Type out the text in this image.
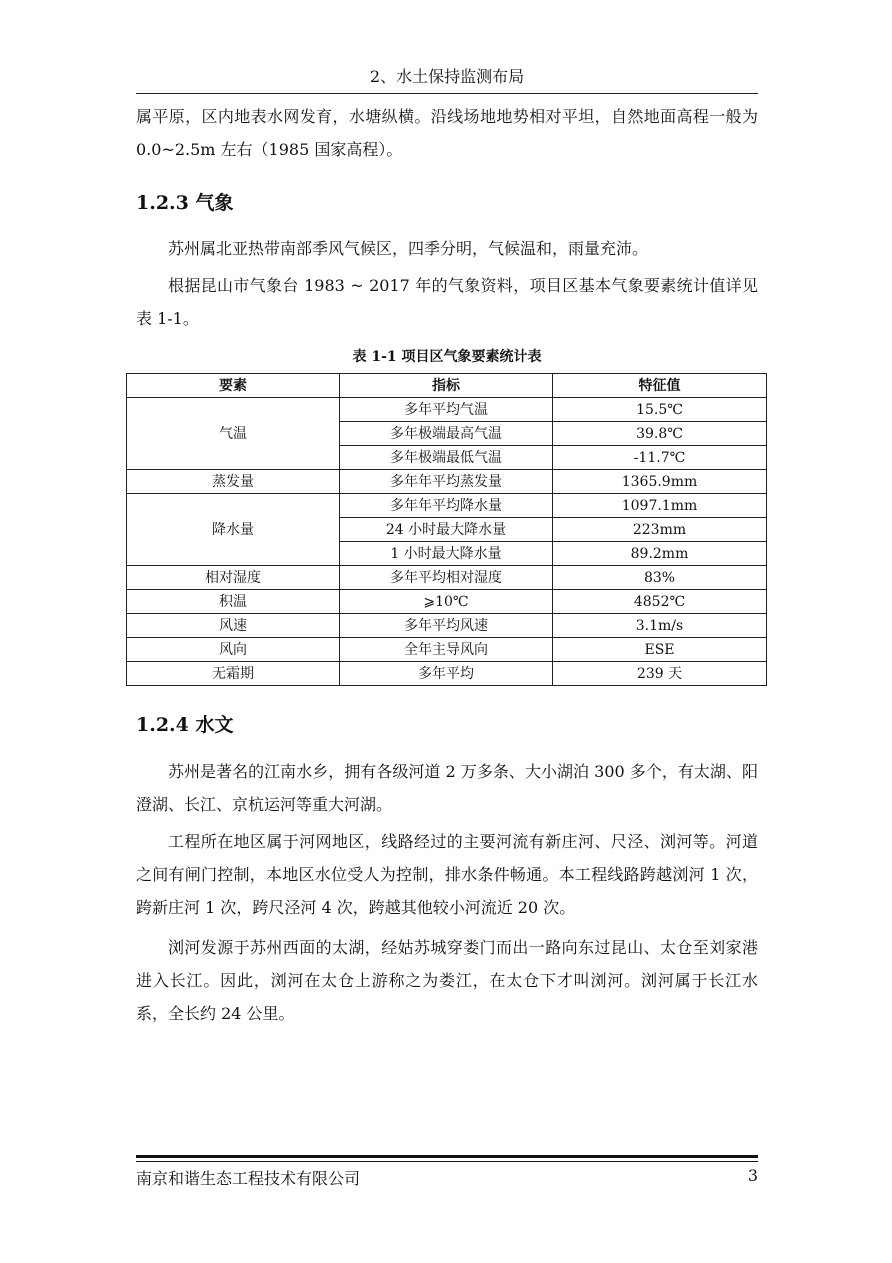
2、水土保持监测布局

属平原，区内地表水网发育，水塘纵横。沿线场地地势相对平坦，自然地面高程一般为 0.0~2.5m 左右（1985 国家高程）。

1.2.3 气象

苏州属北亚热带南部季风气候区，四季分明，气候温和，雨量充沛。

根据昆山市气象台 1983 ~ 2017 年的气象资料，项目区基本气象要素统计值详见表 1-1。

表 1-1 项目区气象要素统计表
要素	指标	特征值
气温	多年平均气温	15.5℃
	多年极端最高气温	39.8℃
	多年极端最低气温	-11.7℃
蒸发量	多年年平均蒸发量	1365.9mm
降水量	多年年平均降水量	1097.1mm
	24 小时最大降水量	223mm
	1 小时最大降水量	89.2mm
相对湿度	多年平均相对湿度	83%
积温	⩾10℃	4852℃
风速	多年平均风速	3.1m/s
风向	全年主导风向	ESE
无霜期	多年平均	239 天
1.2.4 水文

苏州是著名的江南水乡，拥有各级河道 2 万多条、大小湖泊 300 多个，有太湖、阳澄湖、长江、京杭运河等重大河湖。

工程所在地区属于河网地区，线路经过的主要河流有新庄河、尺泾、浏河等。河道之间有闸门控制，本地区水位受人为控制，排水条件畅通。本工程线路跨越浏河 1 次，跨新庄河 1 次，跨尺泾河 4 次，跨越其他较小河流近 20 次。

浏河发源于苏州西面的太湖，经姑苏城穿娄门而出一路向东过昆山、太仓至刘家港进入长江。因此，浏河在太仓上游称之为娄江，在太仓下才叫浏河。浏河属于长江水系，全长约 24 公里。

南京和谐生态工程技术有限公司	3
